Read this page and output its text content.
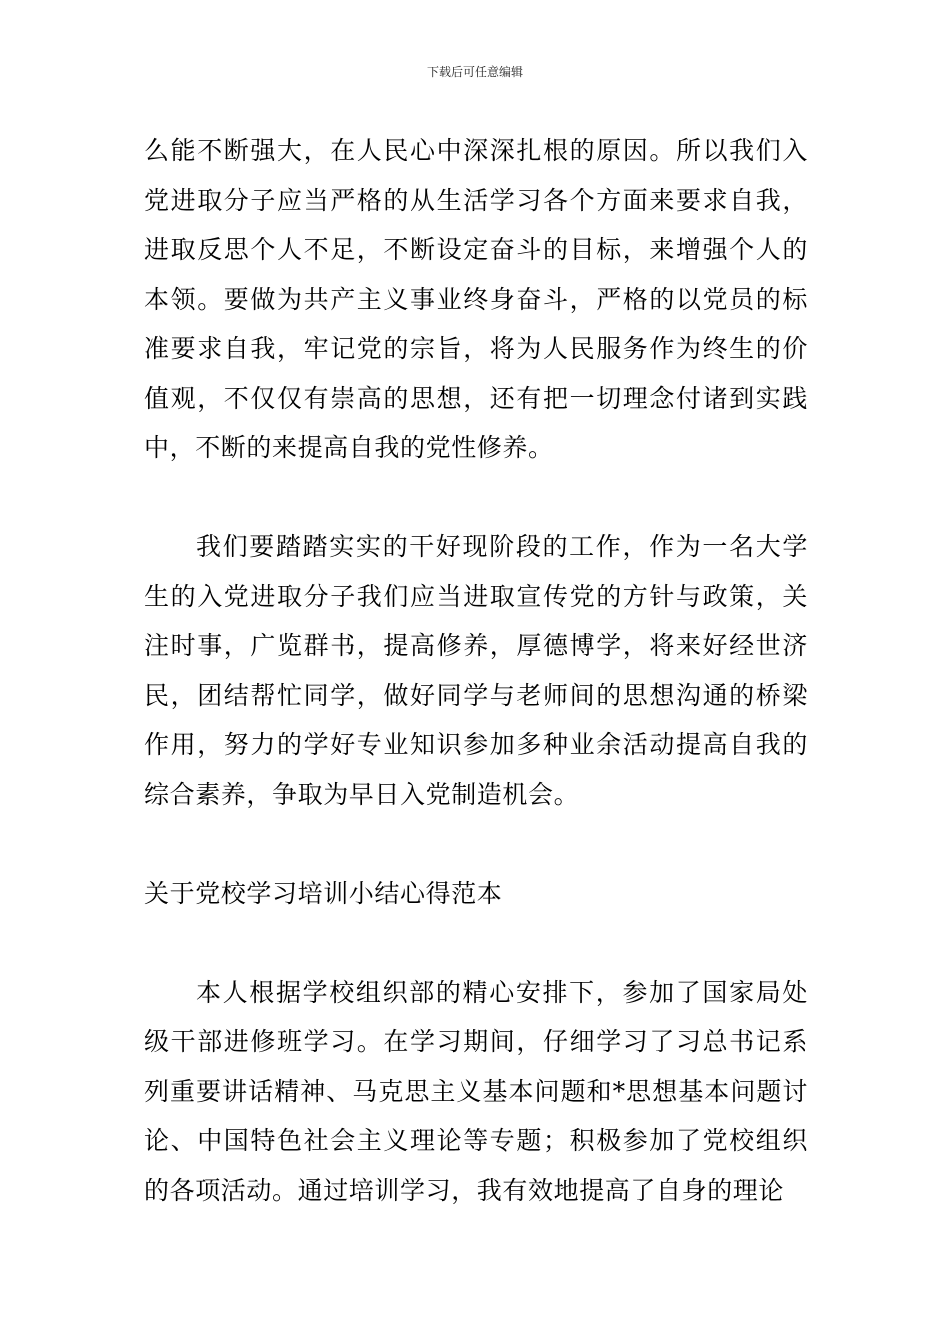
下载后可任意编辑

么能不断强大，在人民心中深深扎根的原因。所以我们入党进取分子应当严格的从生活学习各个方面来要求自我，进取反思个人不足，不断设定奋斗的目标，来增强个人的本领。要做为共产主义事业终身奋斗，严格的以党员的标准要求自我，牢记党的宗旨，将为人民服务作为终生的价值观，不仅仅有崇高的思想，还有把一切理念付诸到实践中，不断的来提高自我的党性修养。

我们要踏踏实实的干好现阶段的工作，作为一名大学生的入党进取分子我们应当进取宣传党的方针与政策，关注时事，广览群书，提高修养，厚德博学，将来好经世济民，团结帮忙同学，做好同学与老师间的思想沟通的桥梁作用，努力的学好专业知识参加多种业余活动提高自我的综合素养，争取为早日入党制造机会。

关于党校学习培训小结心得范本

本人根据学校组织部的精心安排下，参加了国家局处级干部进修班学习。在学习期间，仔细学习了习总书记系列重要讲话精神、马克思主义基本问题和*思想基本问题讨论、中国特色社会主义理论等专题；积极参加了党校组织的各项活动。通过培训学习，我有效地提高了自身的理论
